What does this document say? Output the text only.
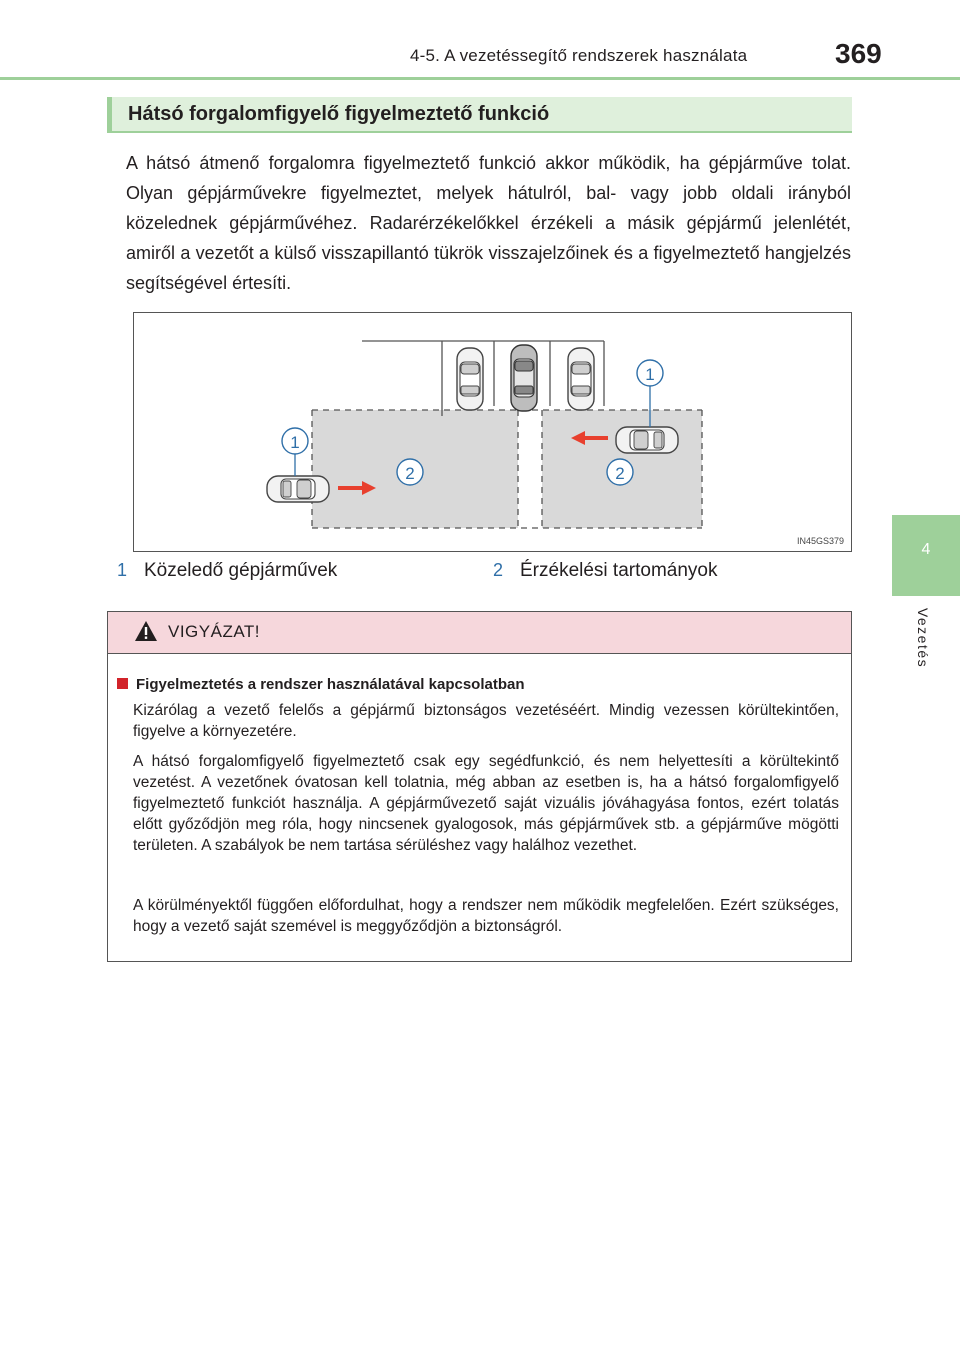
4-5. A vezetéssegítő rendszerek használata	369
4
Vezetés
Hátsó forgalomfigyelő figyelmeztető funkció
A hátsó átmenő forgalomra figyelmeztető funkció akkor működik, ha gépjárműve tolat. Olyan gépjárművekre figyelmeztet, melyek hátulról, bal- vagy jobb oldali irányból közelednek gépjárművéhez. Radarérzékelőkkel érzékeli a másik gépjármű jelenlétét, amiről a vezetőt a külső visszapillantó tükrök visszajelzőinek és a figyelmeztető hangjelzés segítségével értesíti.
1
1
2	2
IN45GS379
1 Közeledő gépjárművek	2 Érzékelési tartományok
VIGYÁZAT!
Figyelmeztetés a rendszer használatával kapcsolatban
Kizárólag a vezető felelős a gépjármű biztonságos vezetéséért. Mindig vezessen körültekintően, figyelve a környezetére.
A hátsó forgalomfigyelő figyelmeztető csak egy segédfunkció, és nem helyettesíti a körültekintő vezetést. A vezetőnek óvatosan kell tolatnia, még abban az esetben is, ha a hátsó forgalomfigyelő figyelmeztető funkciót használja. A gépjárművezető saját vizuális jóváhagyása fontos, ezért tolatás előtt győződjön meg róla, hogy nincsenek gyalogosok, más gépjárművek stb. a gépjárműve mögötti területen. A szabályok be nem tartása sérüléshez vagy halálhoz vezethet.
A körülményektől függően előfordulhat, hogy a rendszer nem működik megfelelően. Ezért szükséges, hogy a vezető saját szemével is meggyőződjön a biztonságról.
